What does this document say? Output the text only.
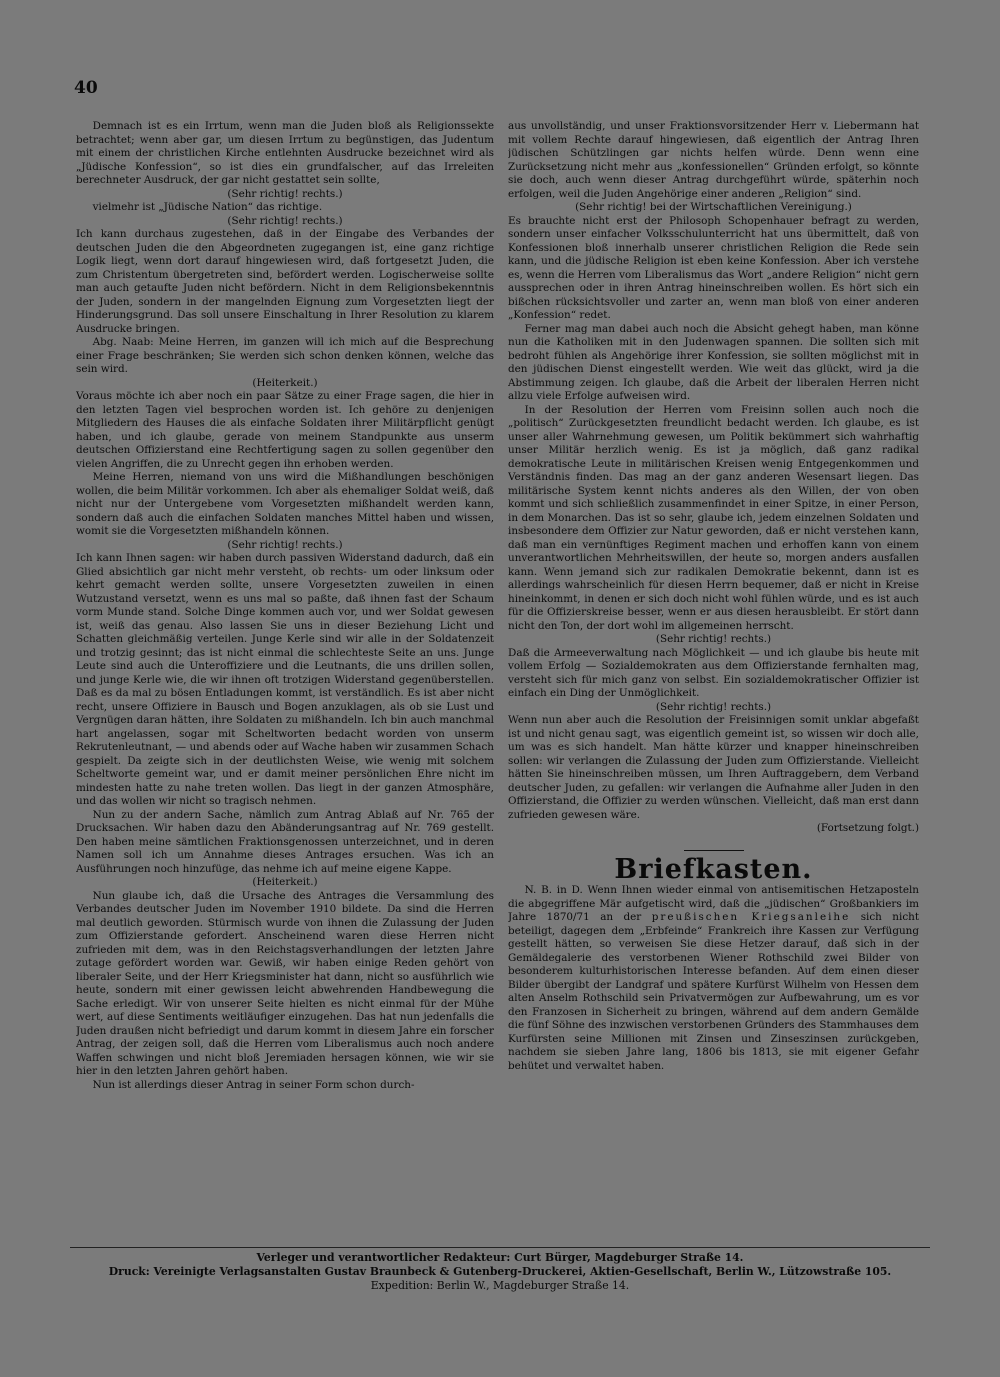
40

Demnach ist es ein Irrtum, wenn man die Juden bloß als Religionssekte betrachtet; wenn aber gar, um diesen Irrtum zu begünstigen, das Judentum mit einem der christlichen Kirche entlehnten Ausdrucke bezeichnet wird als „Jüdische Konfession“, so ist dies ein grundfalscher, auf das Irreleiten berechneter Ausdruck, der gar nicht gestattet sein sollte,

(Sehr richtig! rechts.)

vielmehr ist „Jüdische Nation“ das richtige.

(Sehr richtig! rechts.)

Ich kann durchaus zugestehen, daß in der Eingabe des Verbandes der deutschen Juden die den Abgeordneten zugegangen ist, eine ganz richtige Logik liegt, wenn dort darauf hingewiesen wird, daß fortgesetzt Juden, die zum Christentum übergetreten sind, befördert werden. Logischerweise sollte man auch getaufte Juden nicht befördern. Nicht in dem Religionsbekenntnis der Juden, sondern in der mangelnden Eignung zum Vorgesetzten liegt der Hinderungsgrund. Das soll unsere Einschaltung in Ihrer Resolution zu klarem Ausdrucke bringen.

Abg. Naab: Meine Herren, im ganzen will ich mich auf die Besprechung einer Frage beschränken; Sie werden sich schon denken können, welche das sein wird.

(Heiterkeit.)

Voraus möchte ich aber noch ein paar Sätze zu einer Frage sagen, die hier in den letzten Tagen viel besprochen worden ist. Ich gehöre zu denjenigen Mitgliedern des Hauses die als einfache Soldaten ihrer Militärpflicht genügt haben, und ich glaube, gerade von meinem Standpunkte aus unserm deutschen Offizierstand eine Rechtfertigung sagen zu sollen gegenüber den vielen Angriffen, die zu Unrecht gegen ihn erhoben werden.

Meine Herren, niemand von uns wird die Mißhandlungen beschönigen wollen, die beim Militär vorkommen. Ich aber als ehemaliger Soldat weiß, daß nicht nur der Untergebene vom Vorgesetzten mißhandelt werden kann, sondern daß auch die einfachen Soldaten manches Mittel haben und wissen, womit sie die Vorgesetzten mißhandeln können.

(Sehr richtig! rechts.)

Ich kann Ihnen sagen: wir haben durch passiven Widerstand dadurch, daß ein Glied absichtlich gar nicht mehr versteht, ob rechts- um oder linksum oder kehrt gemacht werden sollte, unsere Vorgesetzten zuweilen in einen Wutzustand versetzt, wenn es uns mal so paßte, daß ihnen fast der Schaum vorm Munde stand. Solche Dinge kommen auch vor, und wer Soldat gewesen ist, weiß das genau. Also lassen Sie uns in dieser Beziehung Licht und Schatten gleichmäßig verteilen. Junge Kerle sind wir alle in der Soldatenzeit und trotzig gesinnt; das ist nicht einmal die schlechteste Seite an uns. Junge Leute sind auch die Unteroffiziere und die Leutnants, die uns drillen sollen, und junge Kerle wie, die wir ihnen oft trotzigen Widerstand gegenüberstellen. Daß es da mal zu bösen Entladungen kommt, ist verständlich. Es ist aber nicht recht, unsere Offiziere in Bausch und Bogen anzuklagen, als ob sie Lust und Vergnügen daran hätten, ihre Soldaten zu mißhandeln. Ich bin auch manchmal hart angelassen, sogar mit Scheltworten bedacht worden von unserm Rekrutenleutnant, — und abends oder auf Wache haben wir zusammen Schach gespielt. Da zeigte sich in der deutlichsten Weise, wie wenig mit solchem Scheltworte gemeint war, und er damit meiner persönlichen Ehre nicht im mindesten hatte zu nahe treten wollen. Das liegt in der ganzen Atmosphäre, und das wollen wir nicht so tragisch nehmen.

Nun zu der andern Sache, nämlich zum Antrag Ablaß auf Nr. 765 der Drucksachen. Wir haben dazu den Abänderungsantrag auf Nr. 769 gestellt. Den haben meine sämtlichen Fraktionsgenossen unterzeichnet, und in deren Namen soll ich um Annahme dieses Antrages ersuchen. Was ich an Ausführungen noch hinzufüge, das nehme ich auf meine eigene Kappe.

(Heiterkeit.)

Nun glaube ich, daß die Ursache des Antrages die Versammlung des Verbandes deutscher Juden im November 1910 bildete. Da sind die Herren mal deutlich geworden. Stürmisch wurde von ihnen die Zulassung der Juden zum Offizierstande gefordert. Anscheinend waren diese Herren nicht zufrieden mit dem, was in den Reichstagsverhandlungen der letzten Jahre zutage gefördert worden war. Gewiß, wir haben einige Reden gehört von liberaler Seite, und der Herr Kriegsminister hat dann, nicht so ausführlich wie heute, sondern mit einer gewissen leicht abwehrenden Handbewegung die Sache erledigt. Wir von unserer Seite hielten es nicht einmal für der Mühe wert, auf diese Sentiments weitläufiger einzugehen. Das hat nun jedenfalls die Juden draußen nicht befriedigt und darum kommt in diesem Jahre ein forscher Antrag, der zeigen soll, daß die Herren vom Liberalismus auch noch andere Waffen schwingen und nicht bloß Jeremiaden hersagen können, wie wir sie hier in den letzten Jahren gehört haben.

Nun ist allerdings dieser Antrag in seiner Form schon durch-

aus unvollständig, und unser Fraktionsvorsitzender Herr v. Liebermann hat mit vollem Rechte darauf hingewiesen, daß eigentlich der Antrag Ihren jüdischen Schützlingen gar nichts helfen würde. Denn wenn eine Zurücksetzung nicht mehr aus „konfessionellen“ Gründen erfolgt, so könnte sie doch, auch wenn dieser Antrag durchgeführt würde, späterhin noch erfolgen, weil die Juden Angehörige einer anderen „Religion“ sind.

(Sehr richtig! bei der Wirtschaftlichen Vereinigung.)

Es brauchte nicht erst der Philosoph Schopenhauer befragt zu werden, sondern unser einfacher Volksschulunterricht hat uns übermittelt, daß von Konfessionen bloß innerhalb unserer christlichen Religion die Rede sein kann, und die jüdische Religion ist eben keine Konfession. Aber ich verstehe es, wenn die Herren vom Liberalismus das Wort „andere Religion“ nicht gern aussprechen oder in ihren Antrag hineinschreiben wollen. Es hört sich ein bißchen rücksichtsvoller und zarter an, wenn man bloß von einer anderen „Konfession“ redet.

Ferner mag man dabei auch noch die Absicht gehegt haben, man könne nun die Katholiken mit in den Judenwagen spannen. Die sollten sich mit bedroht fühlen als Angehörige ihrer Konfession, sie sollten möglichst mit in den jüdischen Dienst eingestellt werden. Wie weit das glückt, wird ja die Abstimmung zeigen. Ich glaube, daß die Arbeit der liberalen Herren nicht allzu viele Erfolge aufweisen wird.

In der Resolution der Herren vom Freisinn sollen auch noch die „politisch“ Zurückgesetzten freundlicht bedacht werden. Ich glaube, es ist unser aller Wahrnehmung gewesen, um Politik bekümmert sich wahrhaftig unser Militär herzlich wenig. Es ist ja möglich, daß ganz radikal demokratische Leute in militärischen Kreisen wenig Entgegenkommen und Verständnis finden. Das mag an der ganz anderen Wesensart liegen. Das militärische System kennt nichts anderes als den Willen, der von oben kommt und sich schließlich zusammenfindet in einer Spitze, in einer Person, in dem Monarchen. Das ist so sehr, glaube ich, jedem einzelnen Soldaten und insbesondere dem Offizier zur Natur geworden, daß er nicht verstehen kann, daß man ein vernünftiges Regiment machen und erhoffen kann von einem unverantwortlichen Mehrheitswillen, der heute so, morgen anders ausfallen kann. Wenn jemand sich zur radikalen Demokratie bekennt, dann ist es allerdings wahrscheinlich für diesen Herrn bequemer, daß er nicht in Kreise hineinkommt, in denen er sich doch nicht wohl fühlen würde, und es ist auch für die Offizierskreise besser, wenn er aus diesen herausbleibt. Er stört dann nicht den Ton, der dort wohl im allgemeinen herrscht.

(Sehr richtig! rechts.)

Daß die Armeeverwaltung nach Möglichkeit — und ich glaube bis heute mit vollem Erfolg — Sozialdemokraten aus dem Offizierstande fernhalten mag, versteht sich für mich ganz von selbst. Ein sozialdemokratischer Offizier ist einfach ein Ding der Unmöglichkeit.

(Sehr richtig! rechts.)

Wenn nun aber auch die Resolution der Freisinnigen somit unklar abgefaßt ist und nicht genau sagt, was eigentlich gemeint ist, so wissen wir doch alle, um was es sich handelt. Man hätte kürzer und knapper hineinschreiben sollen: wir verlangen die Zulassung der Juden zum Offizierstande. Vielleicht hätten Sie hineinschreiben müssen, um Ihren Auftraggebern, dem Verband deutscher Juden, zu gefallen: wir verlangen die Aufnahme aller Juden in den Offizierstand, die Offizier zu werden wünschen. Vielleicht, daß man erst dann zufrieden gewesen wäre.

(Fortsetzung folgt.)

Briefkasten.

N. B. in D. Wenn Ihnen wieder einmal von antisemitischen Hetzaposteln die abgegriffene Mär aufgetischt wird, daß die „jüdischen“ Großbankiers im Jahre 1870/71 an der preußischen Kriegsanleihe sich nicht beteiligt, dagegen dem „Erbfeinde“ Frankreich ihre Kassen zur Verfügung gestellt hätten, so verweisen Sie diese Hetzer darauf, daß sich in der Gemäldegalerie des verstorbenen Wiener Rothschild zwei Bilder von besonderem kulturhistorischen Interesse befanden. Auf dem einen dieser Bilder übergibt der Landgraf und spätere Kurfürst Wilhelm von Hessen dem alten Anselm Rothschild sein Privatvermögen zur Aufbewahrung, um es vor den Franzosen in Sicherheit zu bringen, während auf dem andern Gemälde die fünf Söhne des inzwischen verstorbenen Gründers des Stammhauses dem Kurfürsten seine Millionen mit Zinsen und Zinseszinsen zurückgeben, nachdem sie sieben Jahre lang, 1806 bis 1813, sie mit eigener Gefahr behütet und verwaltet haben.

Verleger und verantwortlicher Redakteur: Curt Bürger, Magdeburger Straße 14.
Druck: Vereinigte Verlagsanstalten Gustav Braunbeck & Gutenberg-Druckerei, Aktien-Gesellschaft, Berlin W., Lützowstraße 105.
Expedition: Berlin W., Magdeburger Straße 14.
